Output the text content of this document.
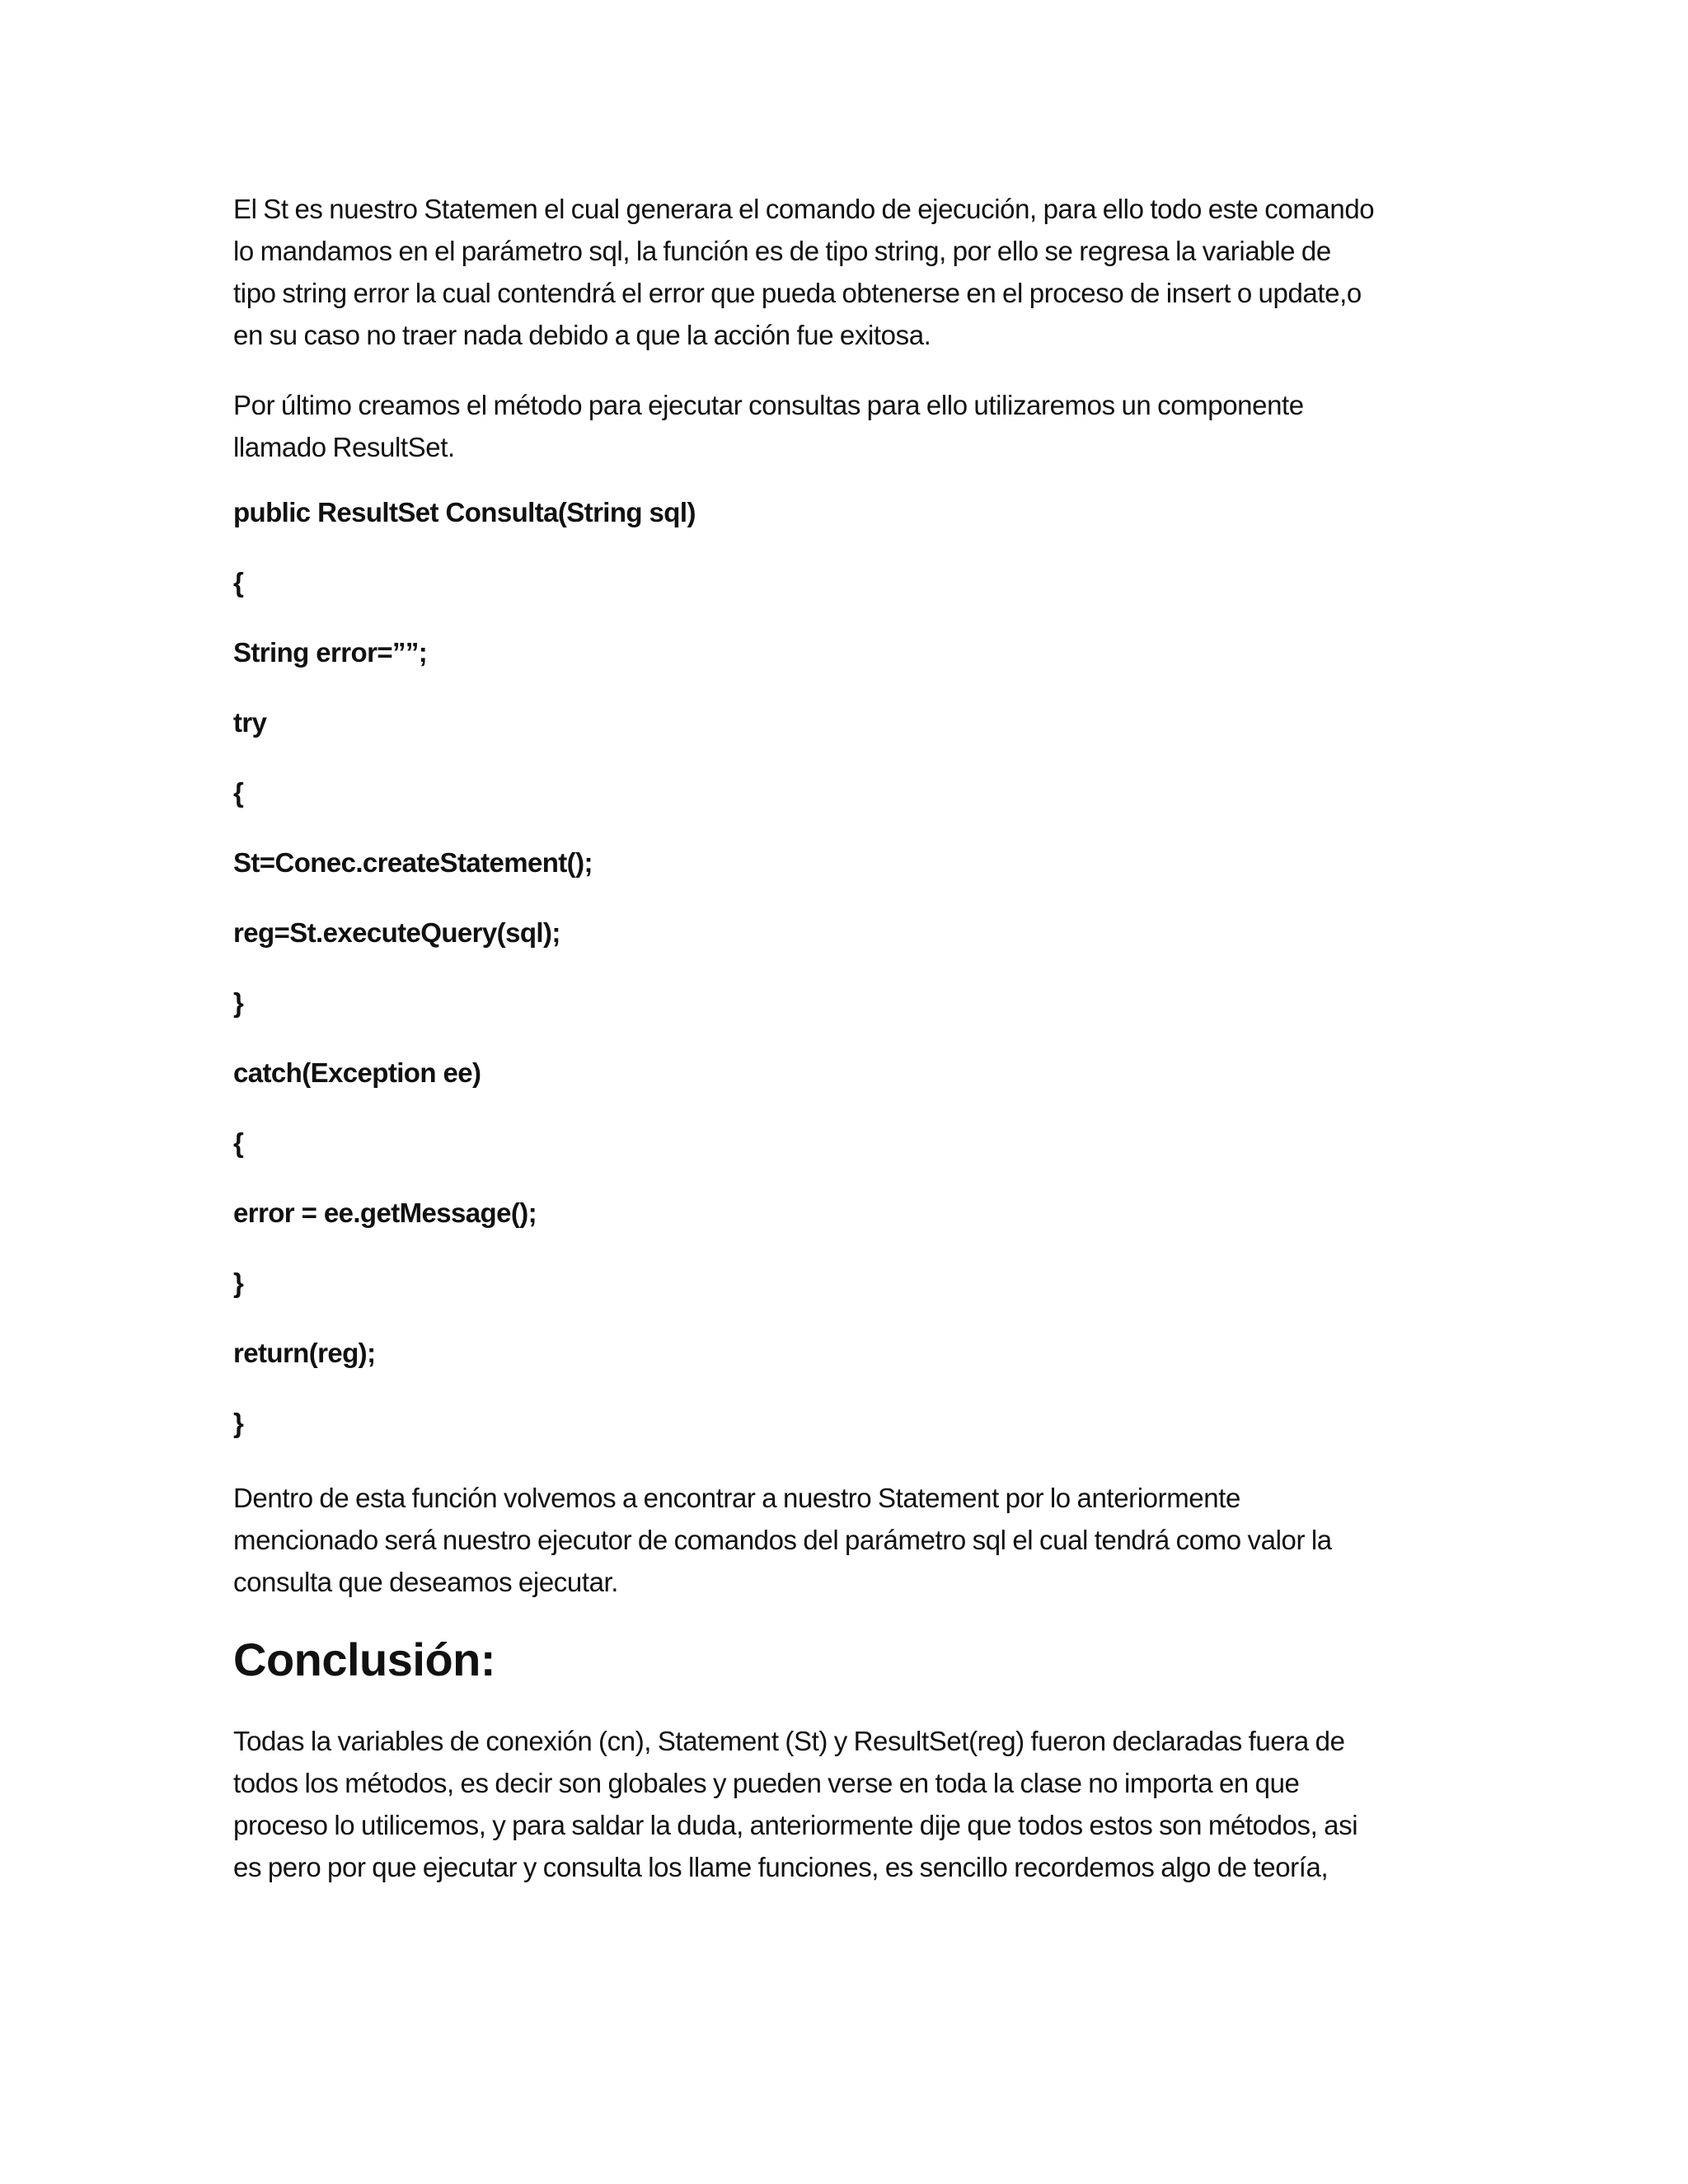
El St es nuestro Statemen el cual generara el comando de ejecución, para ello todo este comando
lo mandamos en el parámetro sql, la función es de tipo string, por ello se regresa la variable de
tipo string error la cual contendrá el error que pueda obtenerse en el proceso de insert o update,o
en su caso no traer nada debido a que la acción fue exitosa.

Por último creamos el método para ejecutar consultas para ello utilizaremos un componente
llamado ResultSet.

public ResultSet Consulta(String sql)
{
String error=””;
try
{
St=Conec.createStatement();
reg=St.executeQuery(sql);
}
catch(Exception ee)
{
error = ee.getMessage();
}
return(reg);
}

Dentro de esta función volvemos a encontrar a nuestro Statement por lo anteriormente
mencionado será nuestro ejecutor de comandos del parámetro sql el cual tendrá como valor la
consulta que deseamos ejecutar.

Conclusión:

Todas la variables de conexión (cn), Statement (St) y ResultSet(reg) fueron declaradas fuera de
todos los métodos, es decir son globales y pueden verse en toda la clase no importa en que
proceso lo utilicemos, y para saldar la duda, anteriormente dije que todos estos son métodos, asi
es pero por que ejecutar y consulta los llame funciones, es sencillo recordemos algo de teoría,
